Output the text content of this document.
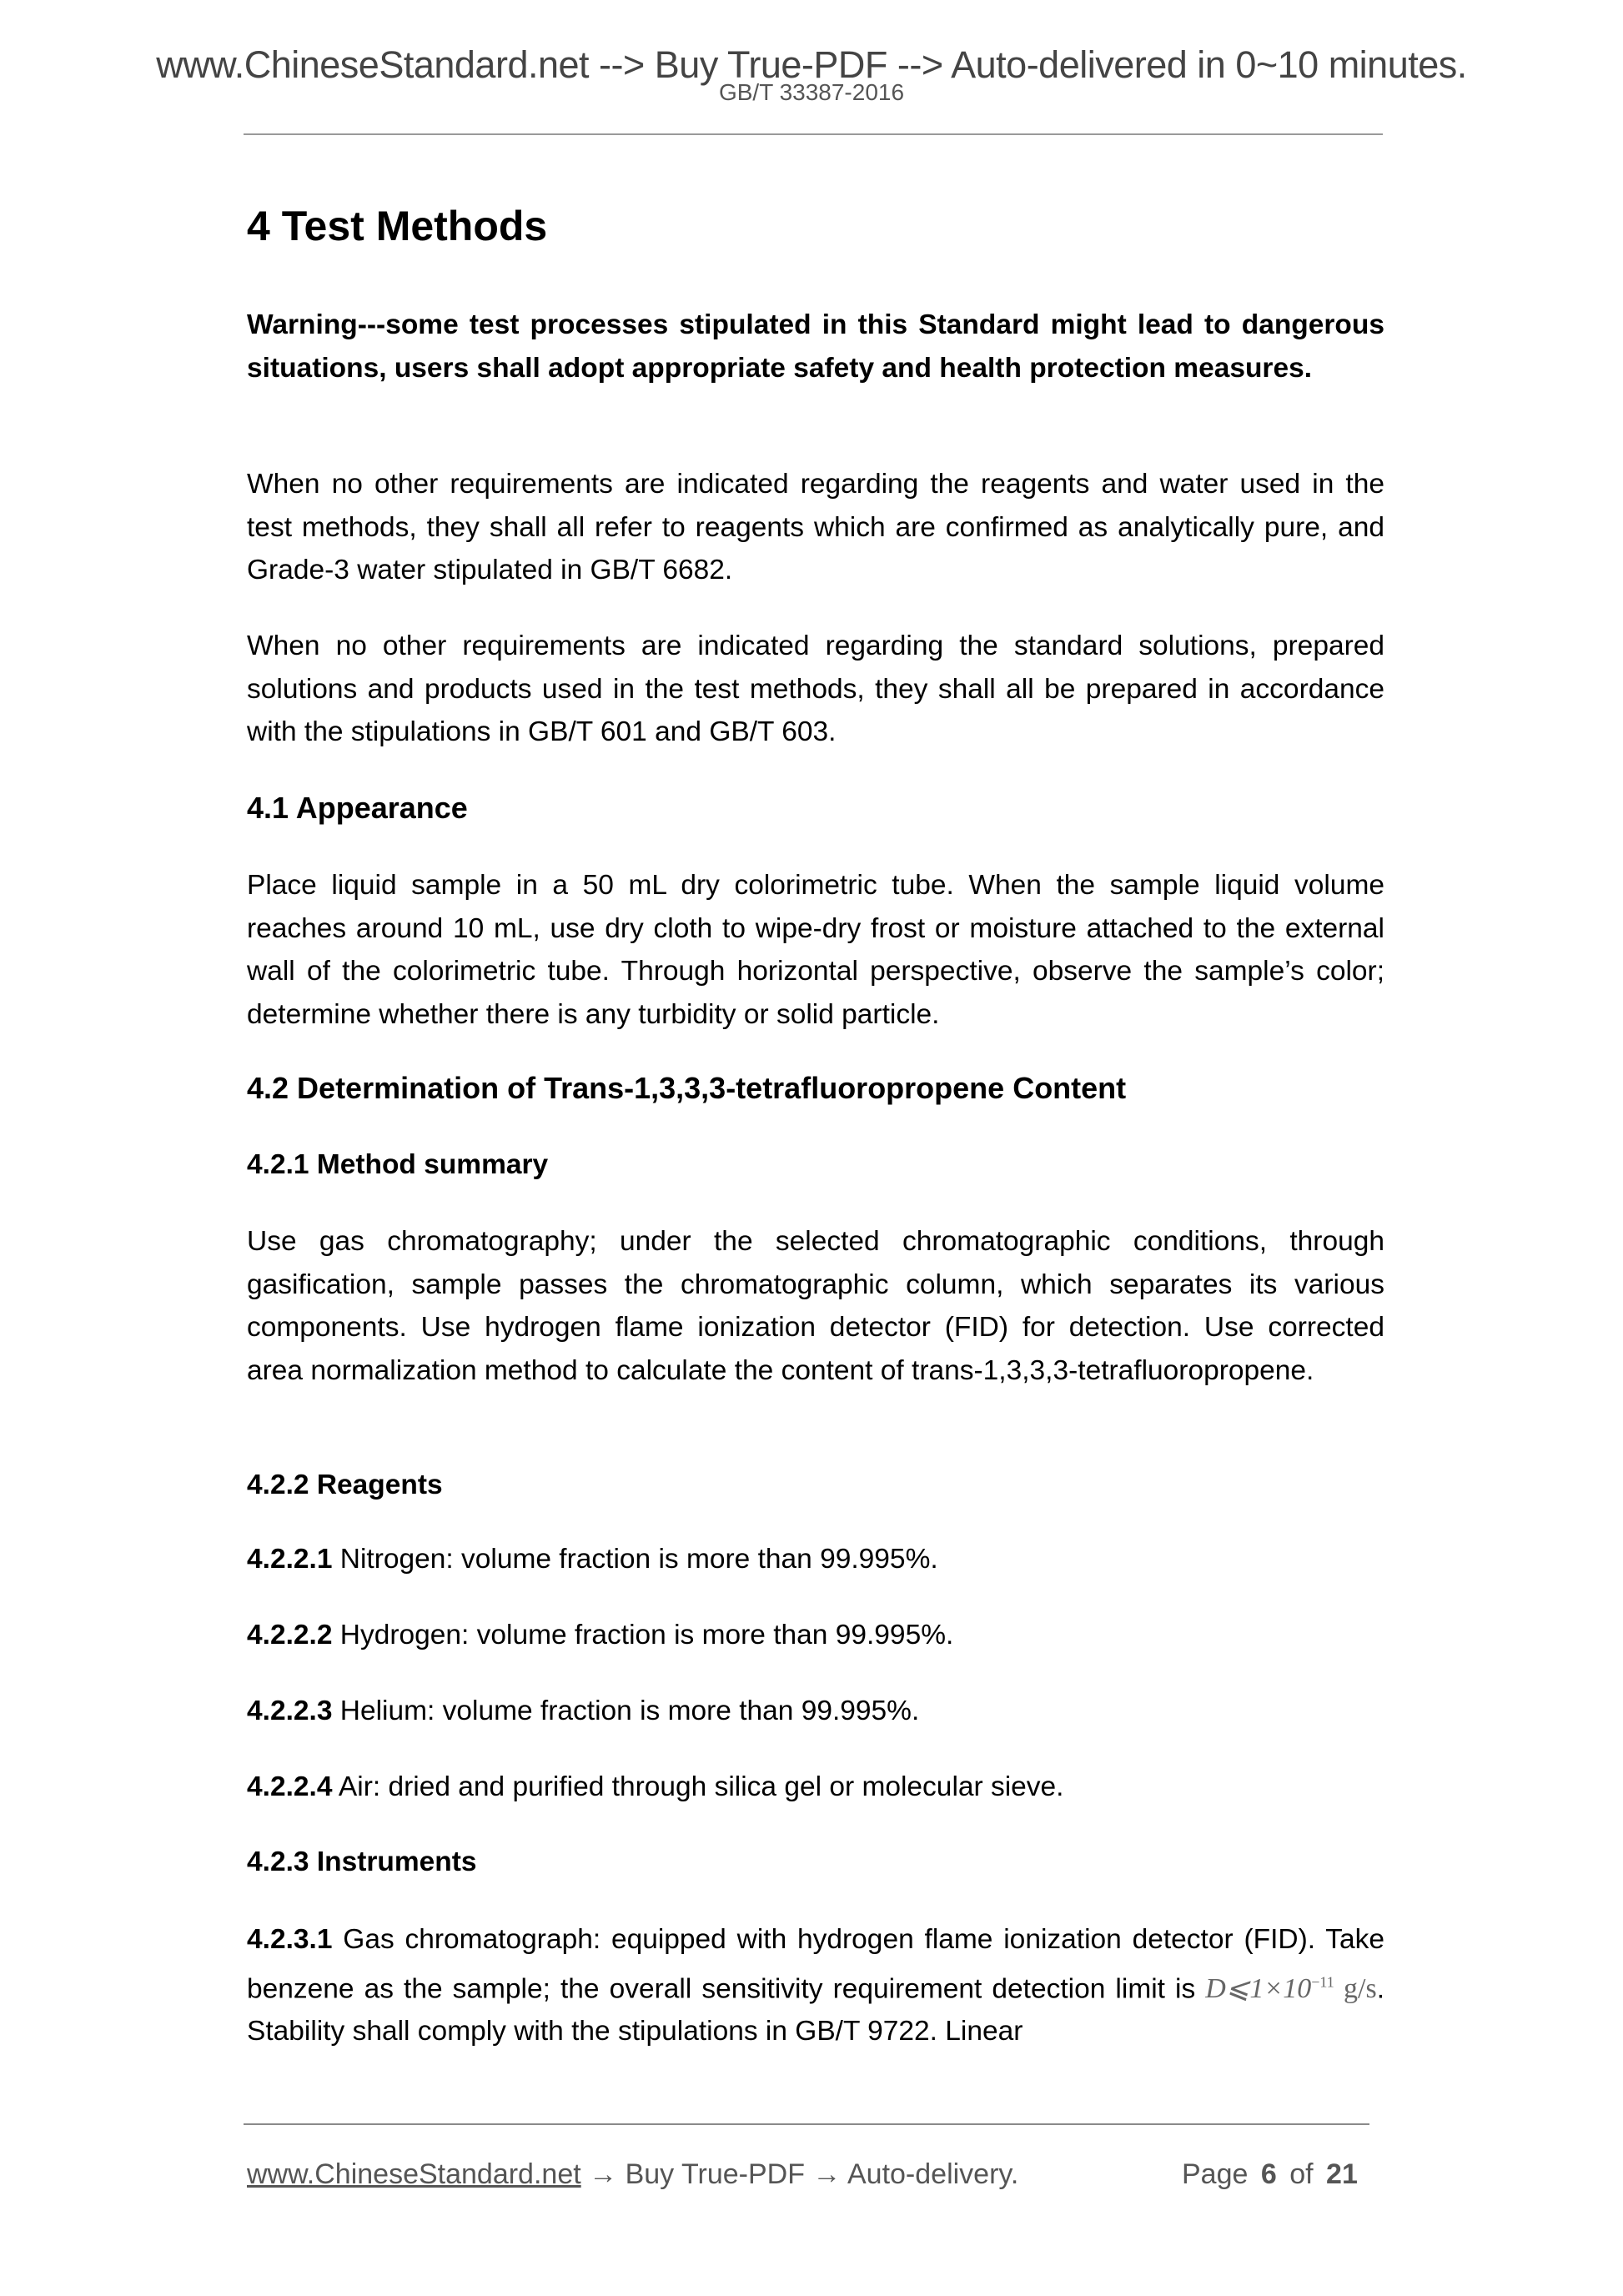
www.ChineseStandard.net --> Buy True-PDF --> Auto-delivered in 0~10 minutes.
GB/T 33387-2016
4 Test Methods
Warning---some test processes stipulated in this Standard might lead to dangerous situations, users shall adopt appropriate safety and health protection measures.
When no other requirements are indicated regarding the reagents and water used in the test methods, they shall all refer to reagents which are confirmed as analytically pure, and Grade-3 water stipulated in GB/T 6682.
When no other requirements are indicated regarding the standard solutions, prepared solutions and products used in the test methods, they shall all be prepared in accordance with the stipulations in GB/T 601 and GB/T 603.
4.1 Appearance
Place liquid sample in a 50 mL dry colorimetric tube. When the sample liquid volume reaches around 10 mL, use dry cloth to wipe-dry frost or moisture attached to the external wall of the colorimetric tube. Through horizontal perspective, observe the sample’s color; determine whether there is any turbidity or solid particle.
4.2 Determination of Trans-1,3,3,3-tetrafluoropropene Content
4.2.1 Method summary
Use gas chromatography; under the selected chromatographic conditions, through gasification, sample passes the chromatographic column, which separates its various components. Use hydrogen flame ionization detector (FID) for detection. Use corrected area normalization method to calculate the content of trans-1,3,3,3-tetrafluoropropene.
4.2.2 Reagents
4.2.2.1 Nitrogen: volume fraction is more than 99.995%.
4.2.2.2 Hydrogen: volume fraction is more than 99.995%.
4.2.2.3 Helium: volume fraction is more than 99.995%.
4.2.2.4 Air: dried and purified through silica gel or molecular sieve.
4.2.3 Instruments
4.2.3.1 Gas chromatograph: equipped with hydrogen flame ionization detector (FID). Take benzene as the sample; the overall sensitivity requirement detection limit is $D⩽1\times 10^{-11}$ g/s. Stability shall comply with the stipulations in GB/T 9722. Linear
www.ChineseStandard.net → Buy True-PDF → Auto-delivery.	Page 6 of 21
